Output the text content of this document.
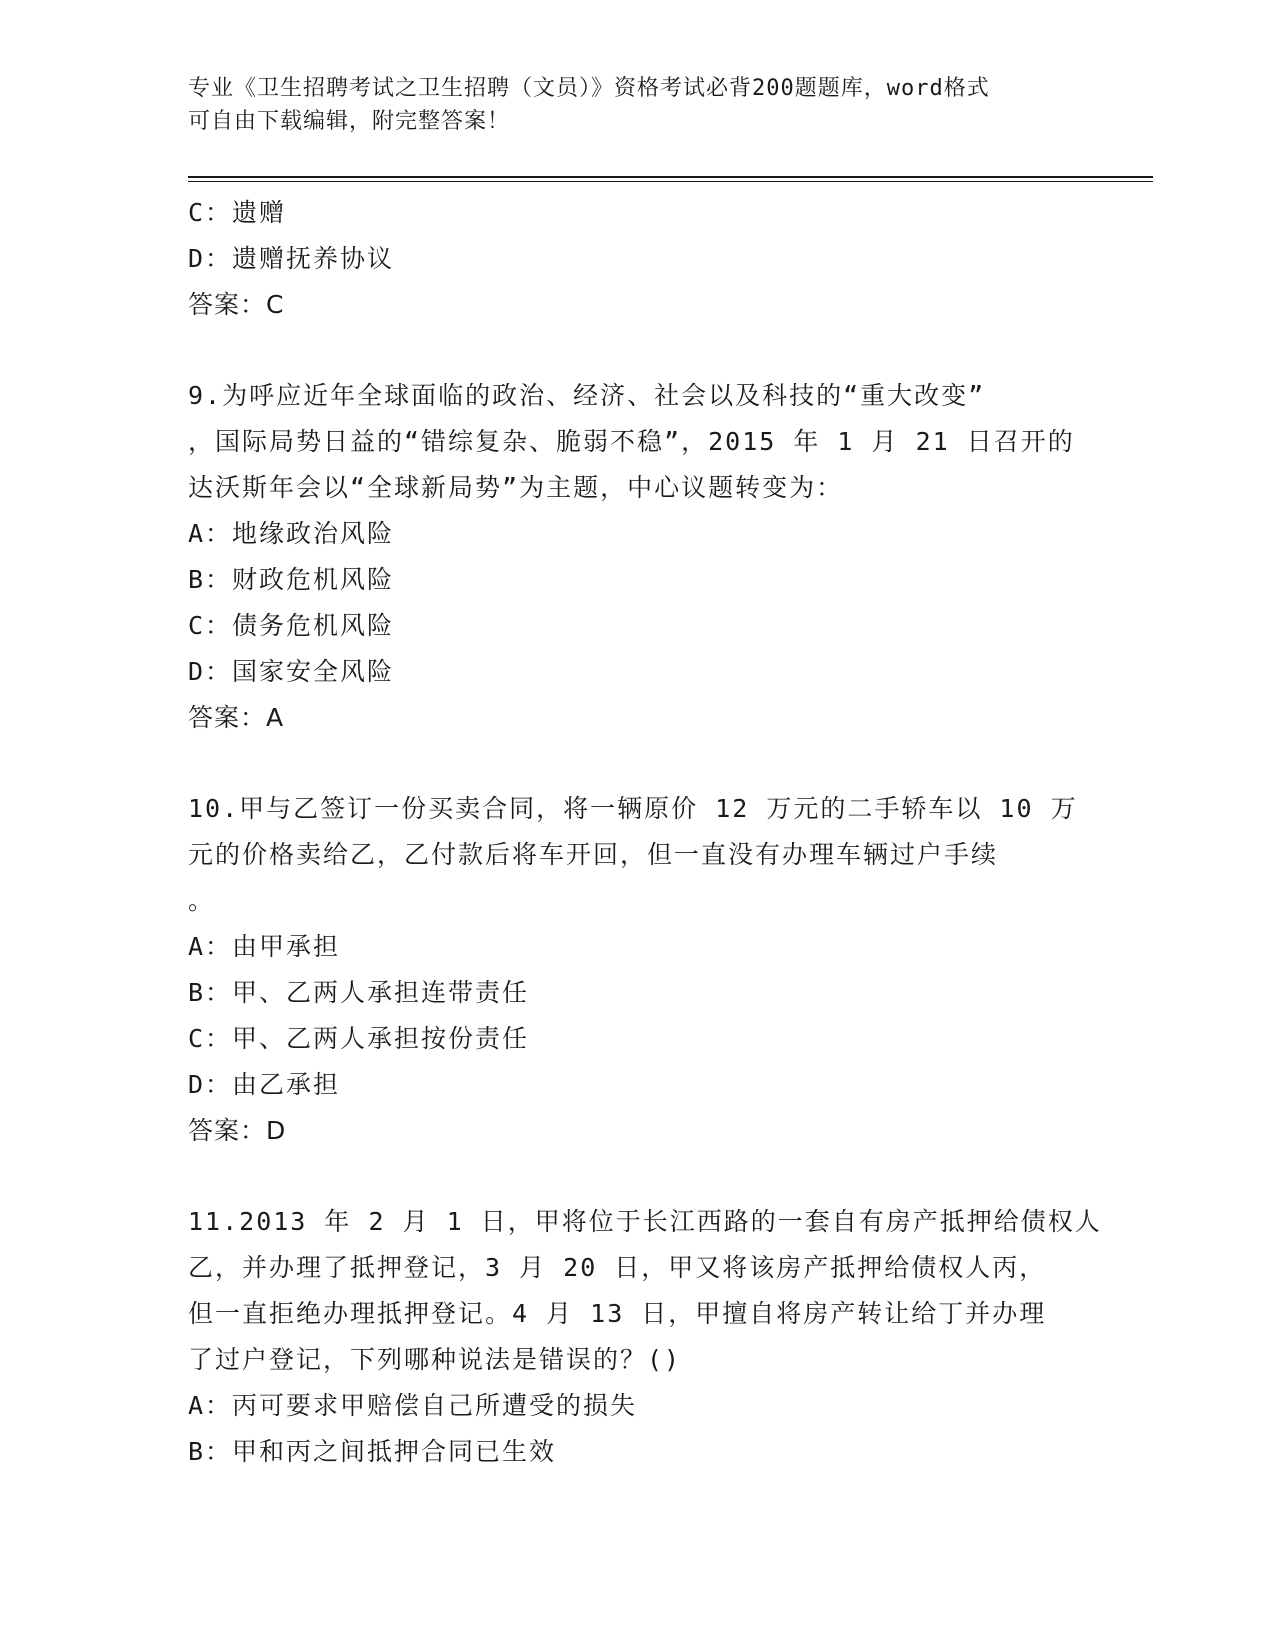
专业《卫生招聘考试之卫生招聘（文员）》资格考试必背200题题库，word格式
可自由下载编辑，附完整答案！
C：遗赠
D：遗赠抚养协议
答案：C
9.为呼应近年全球面临的政治、经济、社会以及科技的“重大改变”
，国际局势日益的“错综复杂、脆弱不稳”，2015 年 1 月 21 日召开的
达沃斯年会以“全球新局势”为主题，中心议题转变为：
A：地缘政治风险
B：财政危机风险
C：债务危机风险
D：国家安全风险
答案：A
10.甲与乙签订一份买卖合同，将一辆原价 12 万元的二手轿车以 10 万
元的价格卖给乙，乙付款后将车开回，但一直没有办理车辆过户手续
。
A：由甲承担
B：甲、乙两人承担连带责任
C：甲、乙两人承担按份责任
D：由乙承担
答案：D
11.2013 年 2 月 1 日，甲将位于长江西路的一套自有房产抵押给债权人
乙，并办理了抵押登记，3 月 20 日，甲又将该房产抵押给债权人丙，
但一直拒绝办理抵押登记。4 月 13 日，甲擅自将房产转让给丁并办理
了过户登记，下列哪种说法是错误的？()
A：丙可要求甲赔偿自己所遭受的损失
B：甲和丙之间抵押合同已生效
